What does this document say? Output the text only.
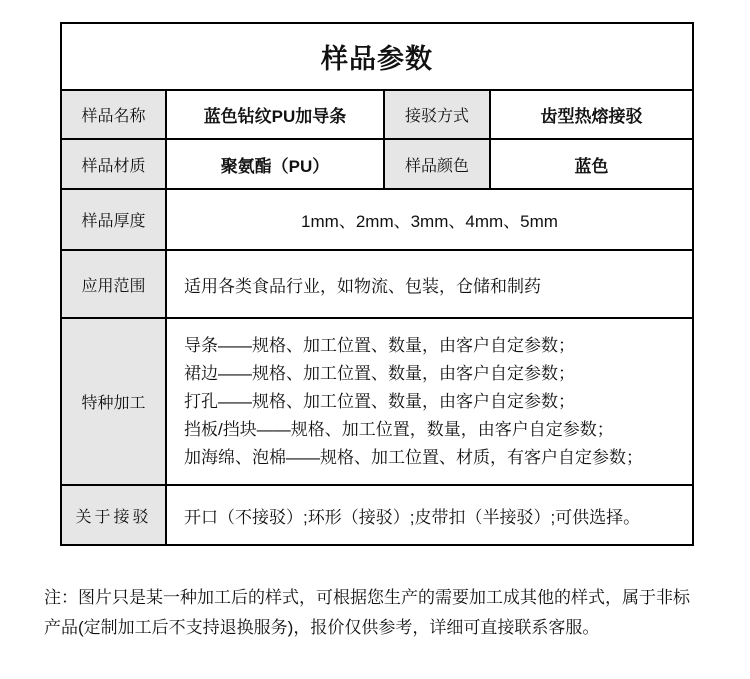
样品参数			
样品名称	蓝色钻纹PU加导条	接驳方式	齿型热熔接驳
样品材质	聚氨酯（PU）	样品颜色	蓝色
样品厚度	1mm、2mm、3mm、4mm、5mm		
应用范围	适用各类食品行业，如物流、包装，仓储和制药		
特种加工	导条——规格、加工位置、数量，由客户自定参数；
裙边——规格、加工位置、数量，由客户自定参数；
打孔——规格、加工位置、数量，由客户自定参数；
挡板/挡块——规格、加工位置，数量，由客户自定参数；
加海绵、泡棉——规格、加工位置、材质，有客户自定参数；		

关于接驳	开口（不接驳）;环形（接驳）;皮带扣（半接驳）;可供选择。		
注：图片只是某一种加工后的样式，可根据您生产的需要加工成其他的样式，属于非标
产品(定制加工后不支持退换服务)，报价仅供参考，详细可直接联系客服。
